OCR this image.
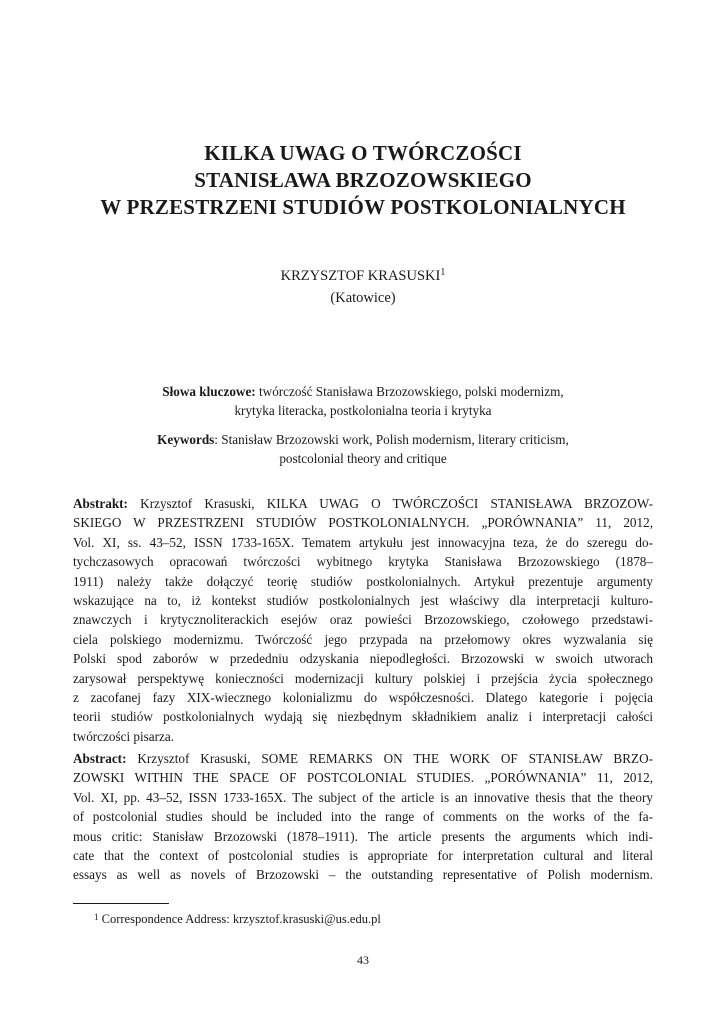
KILKA UWAG O TWÓRCZOŚCI
STANISŁAWA BRZOZOWSKIEGO
W PRZESTRZENI STUDIÓW POSTKOLONIALNYCH
KRZYSZTOF KRASUSKI$^1$
(Katowice)
Słowa kluczowe: twórczość Stanisława Brzozowskiego, polski modernizm,
krytyka literacka, postkolonialna teoria i krytyka
Keywords: Stanisław Brzozowski work, Polish modernism, literary criticism,
postcolonial theory and critique
Abstrakt: Krzysztof Krasuski, KILKA UWAG O TWÓRCZOŚCI STANISŁAWA BRZOZOW-
SKIEGO W PRZESTRZENI STUDIÓW POSTKOLONIALNYCH. „PORÓWNANIA” 11, 2012,
Vol. XI, ss. 43–52, ISSN 1733-165X. Tematem artykułu jest innowacyjna teza, że do szeregu do-
tychczasowych opracowań twórczości wybitnego krytyka Stanisława Brzozowskiego (1878–
1911) należy także dołączyć teorię studiów postkolonialnych. Artykuł prezentuje argumenty
wskazujące na to, iż kontekst studiów postkolonialnych jest właściwy dla interpretacji kulturo-
znawczych i krytycznoliterackich esejów oraz powieści Brzozowskiego, czołowego przedstawi-
ciela polskiego modernizmu. Twórczość jego przypada na przełomowy okres wyzwalania się
Polski spod zaborów w przededniu odzyskania niepodległości. Brzozowski w swoich utworach
zarysował perspektywę konieczności modernizacji kultury polskiej i przejścia życia społecznego
z zacofanej fazy XIX-wiecznego kolonializmu do współczesności. Dlatego kategorie i pojęcia
teorii studiów postkolonialnych wydają się niezbędnym składnikiem analiz i interpretacji całości
twórczości pisarza.
Abstract: Krzysztof Krasuski, SOME REMARKS ON THE WORK OF STANISŁAW BRZO-
ZOWSKI WITHIN THE SPACE OF POSTCOLONIAL STUDIES. „PORÓWNANIA” 11, 2012,
Vol. XI, pp. 43–52, ISSN 1733-165X. The subject of the article is an innovative thesis that the theory
of postcolonial studies should be included into the range of comments on the works of the fa-
mous critic: Stanisław Brzozowski (1878–1911). The article presents the arguments which indi-
cate that the context of postcolonial studies is appropriate for interpretation cultural and literal
essays as well as novels of Brzozowski – the outstanding representative of Polish modernism.
$^1$ Correspondence Address: krzysztof.krasuski@us.edu.pl
43
